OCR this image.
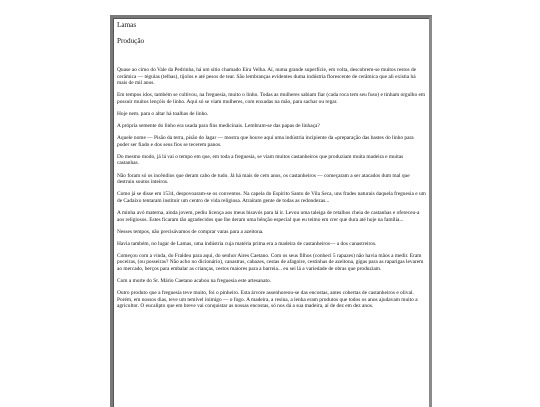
Lamas
Produção

Quase ao cimo do Vale da Pedrinha, há um sítio chamado Eira Velha. Aí, numa grande superfície, em volta, descobrem-se muitos restos de cerâmica — tégulas (telhas), tijolos e até pesos de tear. São lembranças evidentes duma indústria florescente de cerâmica que ali existia há mais de mil anos.

Em tempos idos, também se cultivou, na freguesia, muito o linho. Todas as mulheres sabiam fiar (cada roca tem seu fuso) e tinham orgulho em possuir muitos lençóis de linho. Aqui só se viam mulheres, com enxadas na mão, para sachar ou regar.

Hoje nem. para o altar há toalhas de linho.

A própria semente do linho era usada para fins medicinais. Lembram-se das papas de linhaça?

Aquele nome — Pisão da terra, pisão do lagar — mostra que houve aqui uma indústria incipiente da «preparação das bastes do linho para poder ser fiado e dos seus fios se tecerem panos.

Do mesmo modo, já lá vai o tempo em que, em toda a freguesia, se viam muitos castanheiros que produziam muita madeira e muitas castanhas.

Não foram só os incêndios que deram cabo de tudo. Já há mais de cem anos, os castanheiros — começaram a ser atacados dum mal que destruiu soutos inteiros.

Como já se disse em 1534, despovoaram-se os conventos. Na capela do Espírito Santo de Vila Seca, uns frades naturais daquela freguesia e um de Cadaixo tentaram instituir um centro de vida religiosa. Atraíram gente de todas as redondezas...

A minha avó materna, ainda jovem, pediu licença aos meus bisavós para lá ir. Levou uma taleiga de retalhos cheia de castanhas e ofereceu-a aos religiosos. Estes ficaram tão agradecidos que lhe deram uma bênção especial que eu teimo em crer que dura até hoje na família...

Nesses tempos, não precisávamos de comprar varas para a azeitona.

Havia também, no lugar de Lamas, uma indústria cuja matéria prima era a madeira de castanheiros— a dos canastreiros.

Começou com a vinda, do Fraldeu para aqui, do senhor Aires Caetano. Com os seus filhos (conheci 5 rapazes) não havia mãos a medir. Eram poceiras, (ou posseiras? Não acho no dicionário), canastras, cabazes, cestas de afagoire, cestinhas de azeitona, gigas para as raparigas levarem ao mercado, berços para embalar as crianças, cestos maiores para a barreia... eu sei lá a variedade de obras que produziam.

Com a morte do Sr. Mário Caetano acabou na freguesia este artesanato.

Outro produto que a freguesia teve muito, foi o pinheiro. Esta árvore assenhoreou-se das encostas, antes cobertas de castanheiros e olival. Porém, em nossos dias, teve um temível inimigo — o fogo. A madeira, a resina, a lenha eram produtos que todos os anos ajudavam muito a agricultor. O eucalipto que em breve vai conquistar as nossas encostas, só nos dá a sua madeira, aí de dez em dez anos.
